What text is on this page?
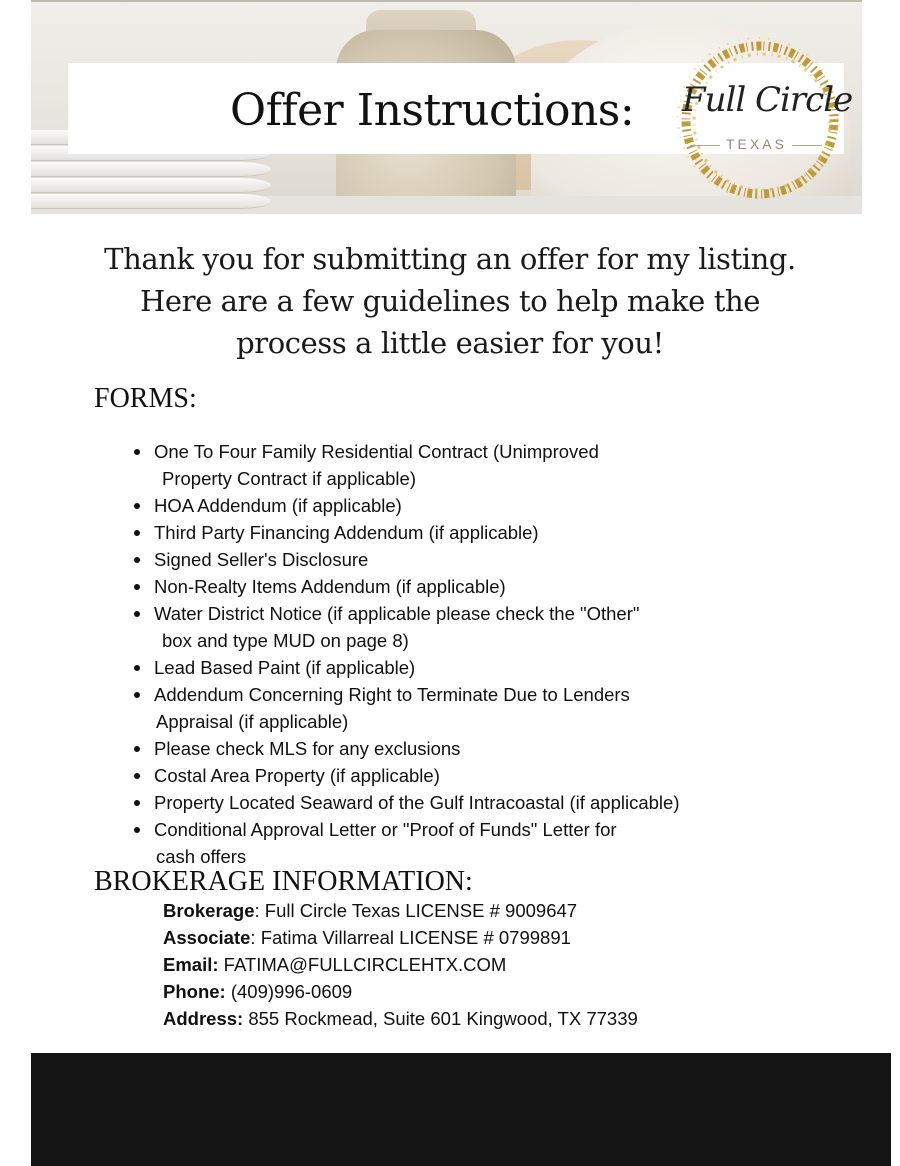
Offer Instructions: Full Circle
TEXAS
Thank you for submitting an offer for my listing.
Here are a few guidelines to help make the
process a little easier for you!
FORMS:
One To Four Family Residential Contract (Unimproved
Property Contract if applicable)
HOA Addendum (if applicable)
Third Party Financing Addendum (if applicable)
Signed Seller's Disclosure
Non-Realty Items Addendum (if applicable)
Water District Notice (if applicable please check the "Other"
box and type MUD on page 8)
Lead Based Paint (if applicable)
Addendum Concerning Right to Terminate Due to Lenders
Appraisal (if applicable)
Please check MLS for any exclusions
Costal Area Property (if applicable)
Property Located Seaward of the Gulf Intracoastal (if applicable)
Conditional Approval Letter or "Proof of Funds" Letter for
cash offers
BROKERAGE INFORMATION:
Brokerage: Full Circle Texas LICENSE # 9009647
Associate: Fatima Villarreal LICENSE # 0799891
Email: FATIMA@FULLCIRCLEHTX.COM
Phone: (409)996-0609
Address: 855 Rockmead, Suite 601 Kingwood, TX 77339
